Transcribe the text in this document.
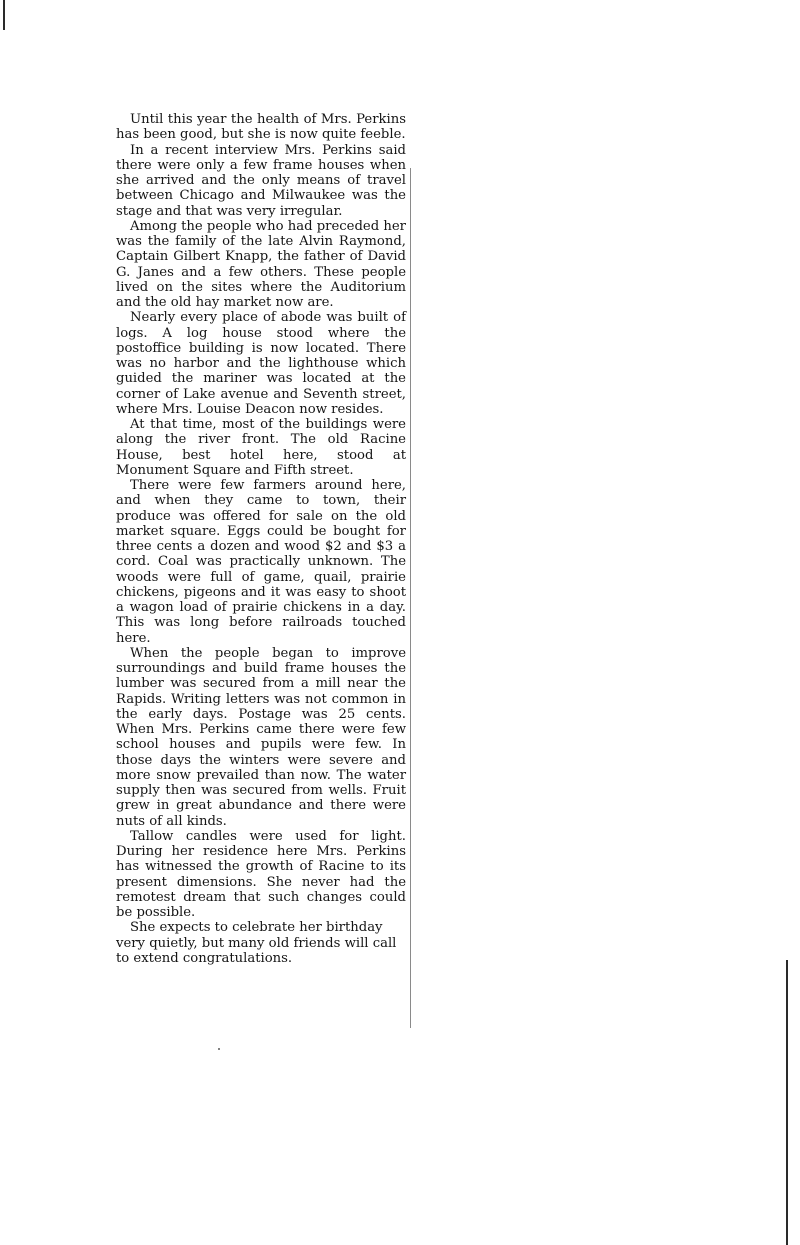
Until this year the health of Mrs. Perkins has been good, but she is now quite feeble.

In a recent interview Mrs. Perkins said there were only a few frame houses when she arrived and the only means of travel between Chicago and Milwaukee was the stage and that was very irregular.

Among the people who had preceded her was the family of the late Alvin Raymond, Captain Gilbert Knapp, the father of David G. Janes and a few others. These people lived on the sites where the Auditorium and the old hay market now are.

Nearly every place of abode was built of logs. A log house stood where the postoffice building is now located. There was no harbor and the lighthouse which guided the mariner was located at the corner of Lake avenue and Seventh street, where Mrs. Louise Deacon now resides.

At that time, most of the buildings were along the river front. The old Racine House, best hotel here, stood at Monument Square and Fifth street.

There were few farmers around here, and when they came to town, their produce was offered for sale on the old market square. Eggs could be bought for three cents a dozen and wood $2 and $3 a cord. Coal was practically unknown. The woods were full of game, quail, prairie chickens, pigeons and it was easy to shoot a wagon load of prairie chickens in a day. This was long before railroads touched here.

When the people began to improve surroundings and build frame houses the lumber was secured from a mill near the Rapids. Writing letters was not common in the early days. Postage was 25 cents. When Mrs. Perkins came there were few school houses and pupils were few. In those days the winters were severe and more snow prevailed than now. The water supply then was secured from wells. Fruit grew in great abundance and there were nuts of all kinds.

Tallow candles were used for light. During her residence here Mrs. Perkins has witnessed the growth of Racine to its present dimensions. She never had the remotest dream that such changes could be possible.

She expects to celebrate her birthday very quietly, but many old friends will call to extend congratulations.
